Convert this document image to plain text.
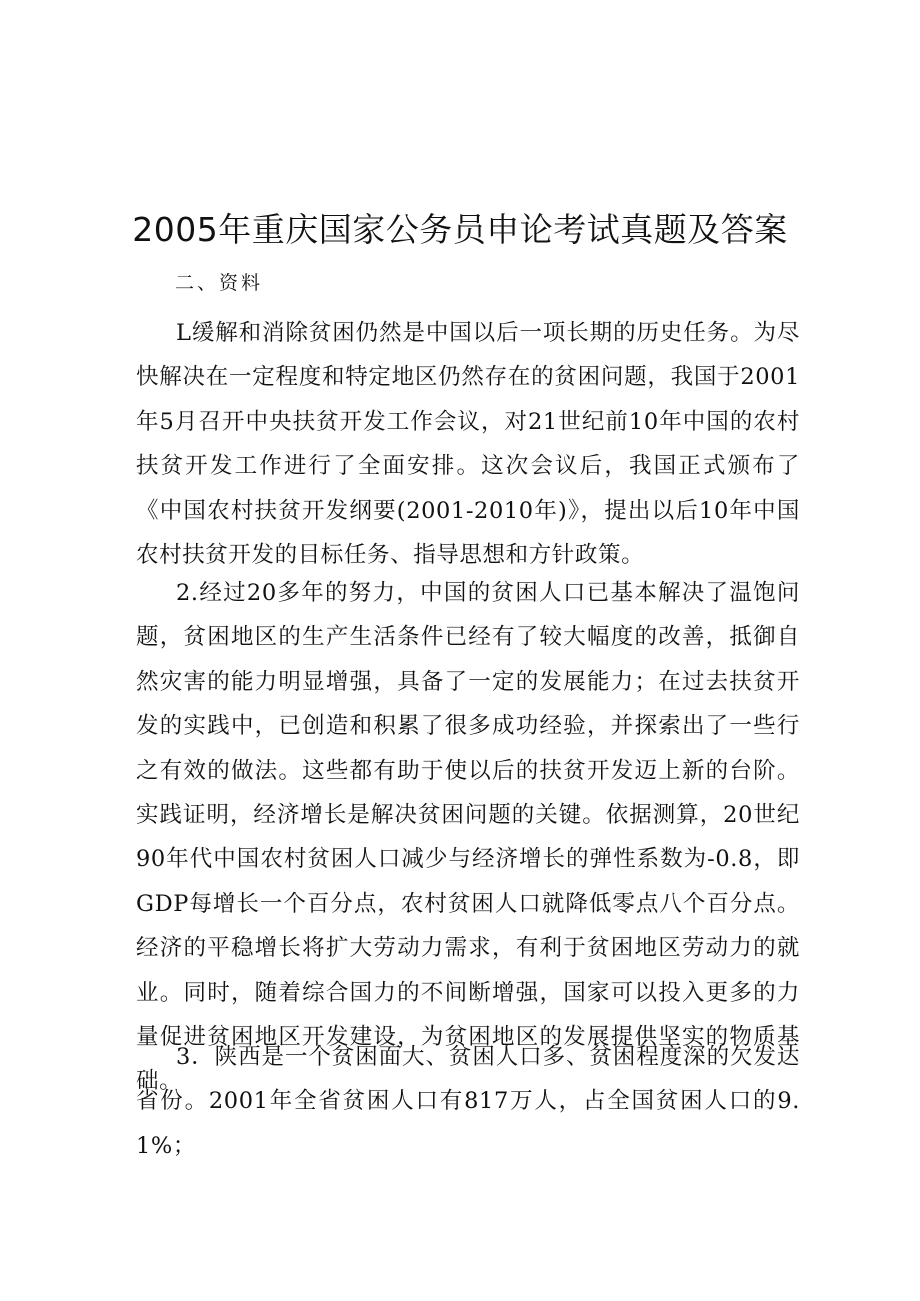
2005年重庆国家公务员申论考试真题及答案
二、资料

L缓解和消除贫困仍然是中国以后一项长期的历史任务。为尽快解决在一定程度和特定地区仍然存在的贫困问题，我国于2001年5月召开中央扶贫开发工作会议，对21世纪前10年中国的农村扶贫开发工作进行了全面安排。这次会议后，我国正式颁布了《中国农村扶贫开发纲要(2001-2010年)》，提出以后10年中国农村扶贫开发的目标任务、指导思想和方针政策。

2.经过20多年的努力，中国的贫困人口已基本解决了温饱问题，贫困地区的生产生活条件已经有了较大幅度的改善，抵御自然灾害的能力明显增强，具备了一定的发展能力；在过去扶贫开发的实践中，已创造和积累了很多成功经验，并探索出了一些行之有效的做法。这些都有助于使以后的扶贫开发迈上新的台阶。实践证明，经济增长是解决贫困问题的关键。依据测算，20世纪90年代中国农村贫困人口减少与经济增长的弹性系数为-0.8，即GDP每增长一个百分点，农村贫困人口就降低零点八个百分点。经济的平稳增长将扩大劳动力需求，有利于贫困地区劳动力的就业。同时，随着综合国力的不间断增强，国家可以投入更多的力量促进贫困地区开发建设，为贫困地区的发展提供坚实的物质基础。

3．陕西是一个贫困面大、贫困人口多、贫困程度深的欠发达省份。2001年全省贫困人口有817万人，占全国贫困人口的9.1%；
